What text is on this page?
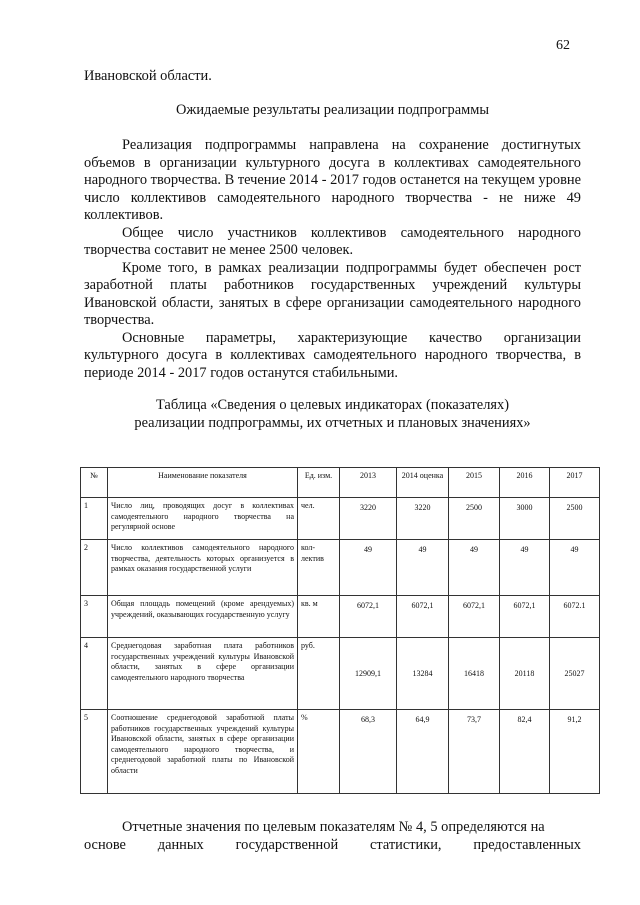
62
Ивановской области.
Ожидаемые результаты реализации подпрограммы

Реализация подпрограммы направлена на сохранение достигнутых объемов в организации культурного досуга в коллективах самодеятельного народного творчества. В течение 2014 - 2017 годов останется на текущем уровне число коллективов самодеятельного народного творчества - не ниже 49 коллективов.

Общее число участников коллективов самодеятельного народного творчества составит не менее 2500 человек.

Кроме того, в рамках реализации подпрограммы будет обеспечен рост заработной платы работников государственных учреждений культуры Ивановской области, занятых в сфере организации самодеятельного народного творчества.

Основные параметры, характеризующие качество организации культурного досуга в коллективах самодеятельного народного творчества, в периоде 2014 - 2017 годов останутся стабильными.

Таблица «Сведения о целевых индикаторах (показателях)
реализации подпрограммы, их отчетных и плановых значениях»
№	Наименование показателя	Ед. изм.	2013	2014 оценка	2015	2016	2017
1	Число лиц, проводящих досуг в коллективах самодеятельного народного творчества на регулярной основе	чел.	3220	3220	2500	3000	2500
2	Число коллективов самодеятельного народного творчества, деятельность которых организуется в рамках оказания государственной услуги	кол-лектив	49	49	49	49	49
3	Общая площадь помещений (кроме арендуемых) учреждений, оказывающих государственную услугу	кв. м	6072,1	6072,1	6072,1	6072,1	6072.1
4	Среднегодовая заработная плата работников государственных учреждений культуры Ивановской области, занятых в сфере организации самодеятельного народного творчества	руб.	12909,1	13284	16418	20118	25027
5	Соотношение среднегодовой заработной платы работников государственных учреждений культуры Ивановской области, занятых в сфере организации самодеятельного народного творчества, и среднегодовой заработной платы по Ивановской области	%	68,3	64,9	73,7	82,4	91,2

Отчетные значения по целевым показателям № 4, 5 определяются на

основе данных государственной статистики, предоставленных
